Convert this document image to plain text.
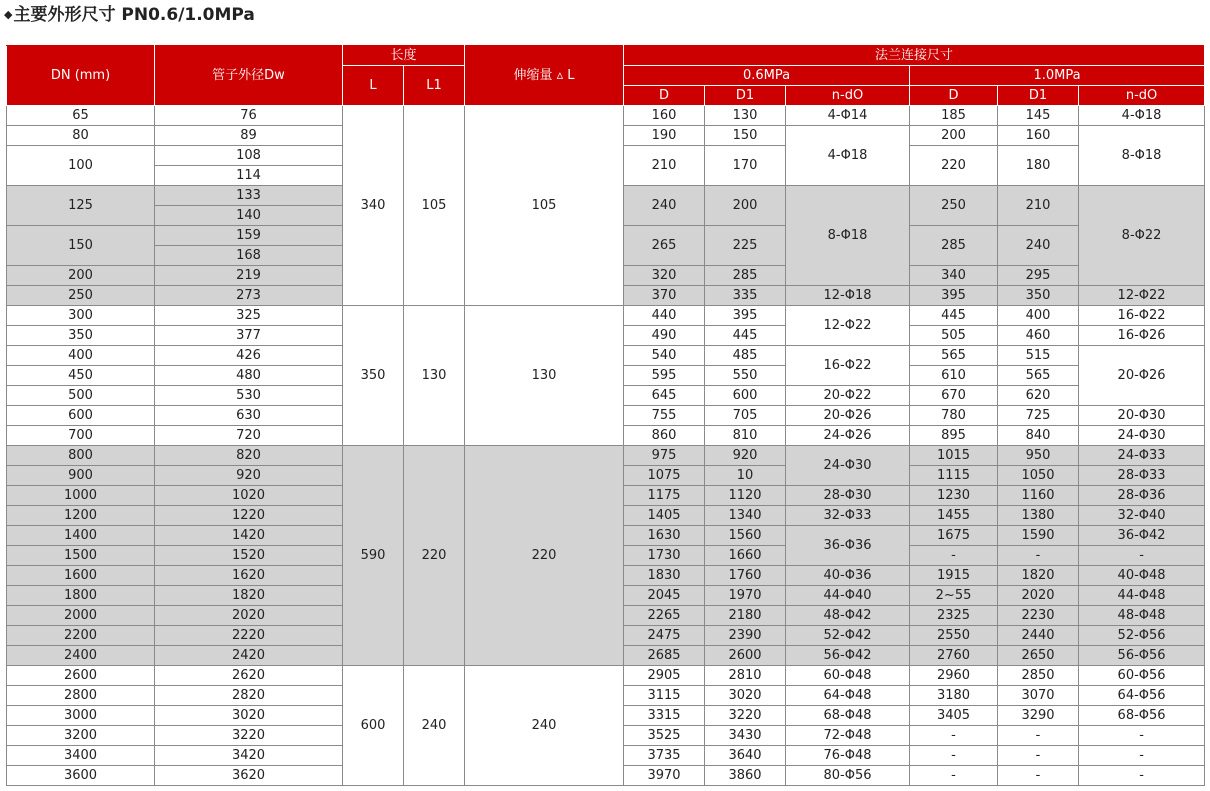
◆主要外形尺寸 PN0.6/1.0MPa
DN (mm)	管子外径Dw	长度		伸缩量 ▵ L	法兰连接尺寸					
		L	L1		0.6MPa			1.0MPa		
					D	D1	n-dO	D	D1	n-dO
65	76	340	105	105	160	130	4-Φ14	185	145	4-Φ18
80	89				190	150	4-Φ18	200	160	8-Φ18
100	108				210	170		220	180	
	114									
125	133				240	200	8-Φ18	250	210	8-Φ22
	140									
150	159				265	225		285	240	
	168									
200	219				320	285		340	295	
250	273				370	335	12-Φ18	395	350	12-Φ22
300	325	350	130	130	440	395	12-Φ22	445	400	16-Φ22
350	377				490	445		505	460	16-Φ26
400	426				540	485	16-Φ22	565	515	20-Φ26
450	480				595	550		610	565	
500	530				645	600	20-Φ22	670	620	
600	630				755	705	20-Φ26	780	725	20-Φ30
700	720				860	810	24-Φ26	895	840	24-Φ30
800	820	590	220	220	975	920	24-Φ30	1015	950	24-Φ33
900	920				1075	10		1115	1050	28-Φ33
1000	1020				1175	1120	28-Φ30	1230	1160	28-Φ36
1200	1220				1405	1340	32-Φ33	1455	1380	32-Φ40
1400	1420				1630	1560	36-Φ36	1675	1590	36-Φ42
1500	1520				1730	1660		-	-	-
1600	1620				1830	1760	40-Φ36	1915	1820	40-Φ48
1800	1820				2045	1970	44-Φ40	2~55	2020	44-Φ48
2000	2020				2265	2180	48-Φ42	2325	2230	48-Φ48
2200	2220				2475	2390	52-Φ42	2550	2440	52-Φ56
2400	2420				2685	2600	56-Φ42	2760	2650	56-Φ56
2600	2620	600	240	240	2905	2810	60-Φ48	2960	2850	60-Φ56
2800	2820				3115	3020	64-Φ48	3180	3070	64-Φ56
3000	3020				3315	3220	68-Φ48	3405	3290	68-Φ56
3200	3220				3525	3430	72-Φ48	-	-	-
3400	3420				3735	3640	76-Φ48	-	-	-
3600	3620				3970	3860	80-Φ56	-	-	-
